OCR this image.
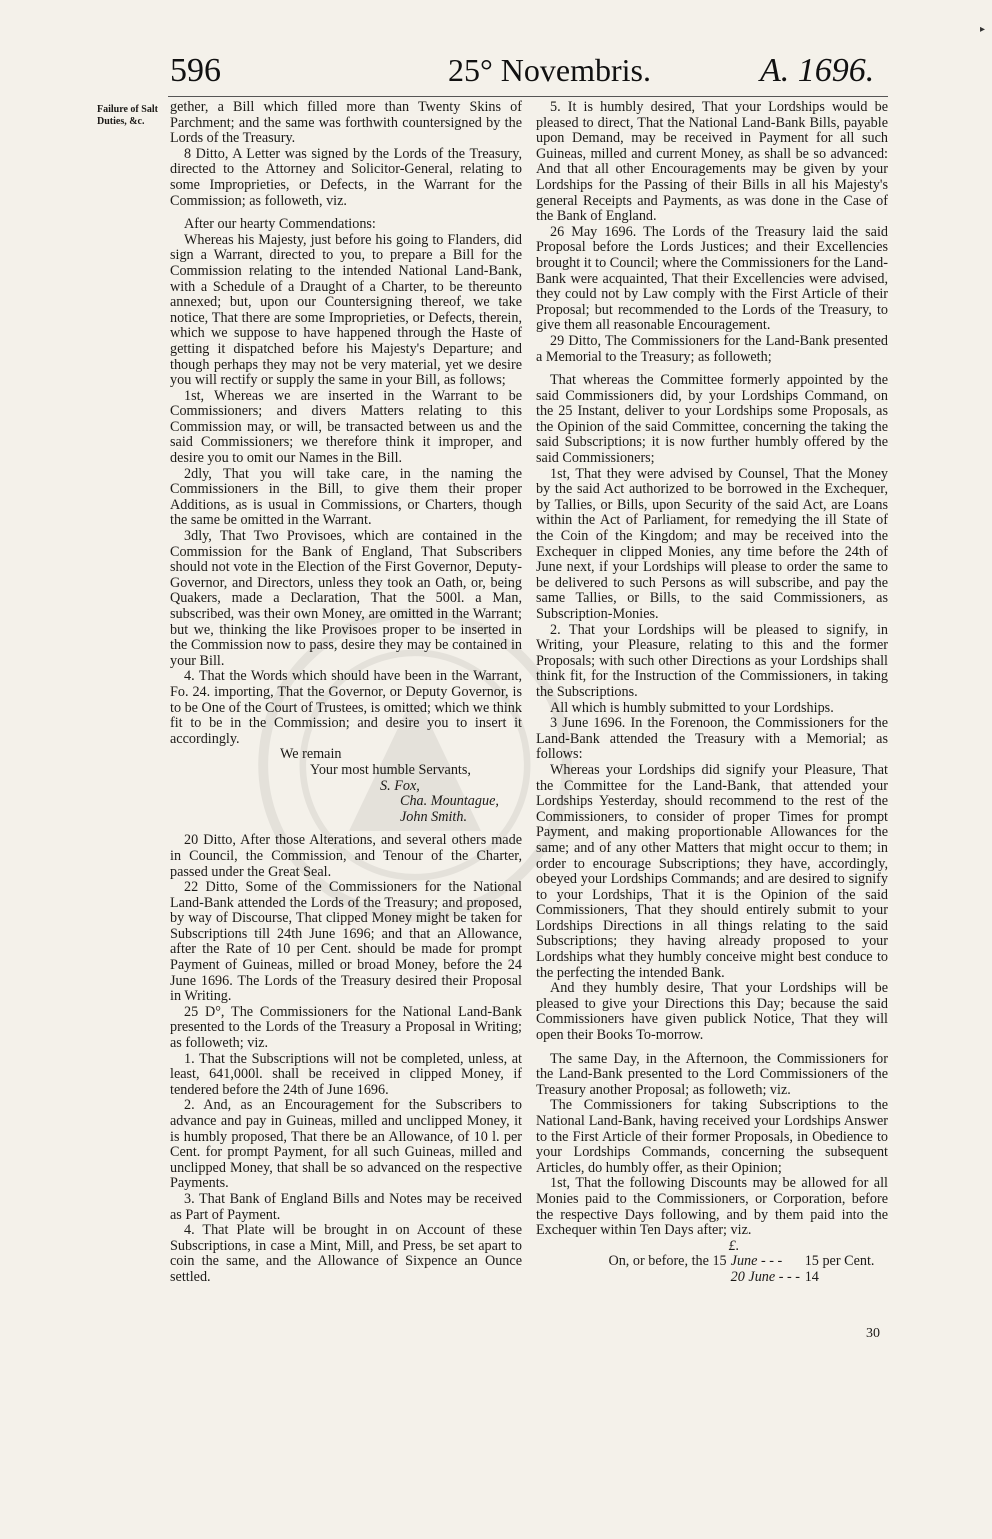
596	25° Novembris.	A. 1696.
▸
Failure of Salt Duties, &c.

gether, a Bill which filled more than Twenty Skins of Parchment; and the same was forthwith countersigned by the Lords of the Treasury.

8 Ditto, A Letter was signed by the Lords of the Treasury, directed to the Attorney and Solicitor-General, relating to some Improprieties, or Defects, in the Warrant for the Commission; as followeth, viz.

After our hearty Commendations:

Whereas his Majesty, just before his going to Flanders, did sign a Warrant, directed to you, to prepare a Bill for the Commission relating to the intended National Land-Bank, with a Schedule of a Draught of a Charter, to be thereunto annexed; but, upon our Countersigning thereof, we take notice, That there are some Improprieties, or Defects, therein, which we suppose to have happened through the Haste of getting it dispatched before his Majesty's Departure; and though perhaps they may not be very material, yet we desire you will rectify or supply the same in your Bill, as follows;

1st, Whereas we are inserted in the Warrant to be Commissioners; and divers Matters relating to this Commission may, or will, be transacted between us and the said Commissioners; we therefore think it improper, and desire you to omit our Names in the Bill.

2dly, That you will take care, in the naming the Commissioners in the Bill, to give them their proper Additions, as is usual in Commissions, or Charters, though the same be omitted in the Warrant.

3dly, That Two Provisoes, which are contained in the Commission for the Bank of England, That Subscribers should not vote in the Election of the First Governor, Deputy-Governor, and Directors, unless they took an Oath, or, being Quakers, made a Declaration, That the 500l. a Man, subscribed, was their own Money, are omitted in the Warrant; but we, thinking the like Provisoes proper to be inserted in the Commission now to pass, desire they may be contained in your Bill.

4. That the Words which should have been in the Warrant, Fo. 24. importing, That the Governor, or Deputy Governor, is to be One of the Court of Trustees, is omitted; which we think fit to be in the Commission; and desire you to insert it accordingly.

We remain

Your most humble Servants,

S. Fox,

Cha. Mountague,

John Smith.

20 Ditto, After those Alterations, and several others made in Council, the Commission, and Tenour of the Charter, passed under the Great Seal.

22 Ditto, Some of the Commissioners for the National Land-Bank attended the Lords of the Treasury; and proposed, by way of Discourse, That clipped Money might be taken for Subscriptions till 24th June 1696; and that an Allowance, after the Rate of 10 per Cent. should be made for prompt Payment of Guineas, milled or broad Money, before the 24 June 1696. The Lords of the Treasury desired their Proposal in Writing.

25 D°, The Commissioners for the National Land-Bank presented to the Lords of the Treasury a Proposal in Writing; as followeth; viz.

1. That the Subscriptions will not be completed, unless, at least, 641,000l. shall be received in clipped Money, if tendered before the 24th of June 1696.

2. And, as an Encouragement for the Subscribers to advance and pay in Guineas, milled and unclipped Money, it is humbly proposed, That there be an Allowance, of 10 l. per Cent. for prompt Payment, for all such Guineas, milled and unclipped Money, that shall be so advanced on the respective Payments.

3. That Bank of England Bills and Notes may be received as Part of Payment.

4. That Plate will be brought in on Account of these Subscriptions, in case a Mint, Mill, and Press, be set apart to coin the same, and the Allowance of Sixpence an Ounce settled.

5. It is humbly desired, That your Lordships would be pleased to direct, That the National Land-Bank Bills, payable upon Demand, may be received in Payment for all such Guineas, milled and current Money, as shall be so advanced: And that all other Encouragements may be given by your Lordships for the Passing of their Bills in all his Majesty's general Receipts and Payments, as was done in the Case of the Bank of England.

26 May 1696. The Lords of the Treasury laid the said Proposal before the Lords Justices; and their Excellencies brought it to Council; where the Commissioners for the Land-Bank were acquainted, That their Excellencies were advised, they could not by Law comply with the First Article of their Proposal; but recommended to the Lords of the Treasury, to give them all reasonable Encouragement.

29 Ditto, The Commissioners for the Land-Bank presented a Memorial to the Treasury; as followeth;

That whereas the Committee formerly appointed by the said Commissioners did, by your Lordships Command, on the 25 Instant, deliver to your Lordships some Proposals, as the Opinion of the said Committee, concerning the taking the said Subscriptions; it is now further humbly offered by the said Commissioners;

1st, That they were advised by Counsel, That the Money by the said Act authorized to be borrowed in the Exchequer, by Tallies, or Bills, upon Security of the said Act, are Loans within the Act of Parliament, for remedying the ill State of the Coin of the Kingdom; and may be received into the Exchequer in clipped Monies, any time before the 24th of June next, if your Lordships will please to order the same to be delivered to such Persons as will subscribe, and pay the same Tallies, or Bills, to the said Commissioners, as Subscription-Monies.

2. That your Lordships will be pleased to signify, in Writing, your Pleasure, relating to this and the former Proposals; with such other Directions as your Lordships shall think fit, for the Instruction of the Commissioners, in taking the Subscriptions.

All which is humbly submitted to your Lordships.

3 June 1696. In the Forenoon, the Commissioners for the Land-Bank attended the Treasury with a Memorial; as follows:

Whereas your Lordships did signify your Pleasure, That the Committee for the Land-Bank, that attended your Lordships Yesterday, should recommend to the rest of the Commissioners, to consider of proper Times for prompt Payment, and making proportionable Allowances for the same; and of any other Matters that might occur to them; in order to encourage Subscriptions; they have, accordingly, obeyed your Lordships Commands; and are desired to signify to your Lordships, That it is the Opinion of the said Commissioners, That they should entirely submit to your Lordships Directions in all things relating to the said Subscriptions; they having already proposed to your Lordships what they humbly conceive might best conduce to the perfecting the intended Bank.

And they humbly desire, That your Lordships will be pleased to give your Directions this Day; because the said Commissioners have given publick Notice, That they will open their Books To-morrow.

The same Day, in the Afternoon, the Commissioners for the Land-Bank presented to the Lord Commissioners of the Treasury another Proposal; as followeth; viz.

The Commissioners for taking Subscriptions to the National Land-Bank, having received your Lordships Answer to the First Article of their former Proposals, in Obedience to your Lordships Commands, concerning the subsequent Articles, do humbly offer, as their Opinion;

1st, That the following Discounts may be allowed for all Monies paid to the Commissioners, or Corporation, before the respective Days following, and by them paid into the Exchequer within Ten Days after; viz.

£.

On, or before, the 15 June - - -	15 per Cent.
20 June - - - 14
30
